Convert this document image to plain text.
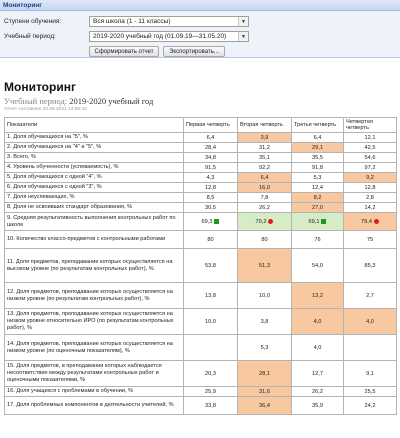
Мониторинг
Ступени обучения:	Вся школа (1 - 11 классы)	▼
Учебный период:	2019-2020 учебный год (01.09.19—31.05.20)	▼
Сформировать отчет	Экспортировать...
Мониторинг
Учебный период: 2019-2020 учебный год
Отчет составлен 20.09.2021 14:56:43
Показатели	Первая четверть	Вторая четверть	Третья четверть	Четвертая четверть
1. Доля обучающихся на "5", %	6,4	3,9	6,4	12,1
2. Доля обучающихся на "4" и "5", %	28,4	31,2	29,1	42,5
3. Всего, %	34,8	35,1	35,5	54,6
4. Уровень обученности (успеваемость), %	91,5	92,2	91,8	97,2
5. Доля обучающихся с одной "4", %	4,3	6,4	5,3	9,2
6. Доля обучающихся с одной "3", %	12,8	16,0	12,4	12,8
7. Доля неуспевающих, %	8,5	7,8	8,2	2,8
8. Доля не освоивших стандарт образования, %	30,5	26,2	27,0	14,2
9. Средняя результативность выполнения контрольных работ по школе	69,3	70,2	69,1	79,4
10. Количество классо-предметов с контрольными работами	80	80	76	75
11. Доля предметов, преподавание которых осуществляется на высоком уровне (по результатам контрольных работ), %	53,8	51,3	54,0	85,3
12. Доля предметов, преподавание которых осуществляется на низком уровне (по результатам контрольных работ), %	13,8	10,0	13,2	2,7
13. Доля предметов, преподавание которых осуществляется на низком уровне относительно ИРО (по результатам контрольных работ), %	10,0	3,8	4,0	4,0
14. Доля предметов, преподавание которых осуществляется на низком уровне (по оценочным показателям), %		5,3	4,0	
15. Доля предметов, в преподавании которых наблюдается несоответствие между результатами контрольных работ и оценочными показателями, %	20,3	28,1	12,7	9,1
16. Доля учащихся с проблемами в обучении, %	25,9	31,6	26,2	25,5
17. Доля проблемных компонентов в деятельности учителей, %	33,8	36,4	35,9	24,2
